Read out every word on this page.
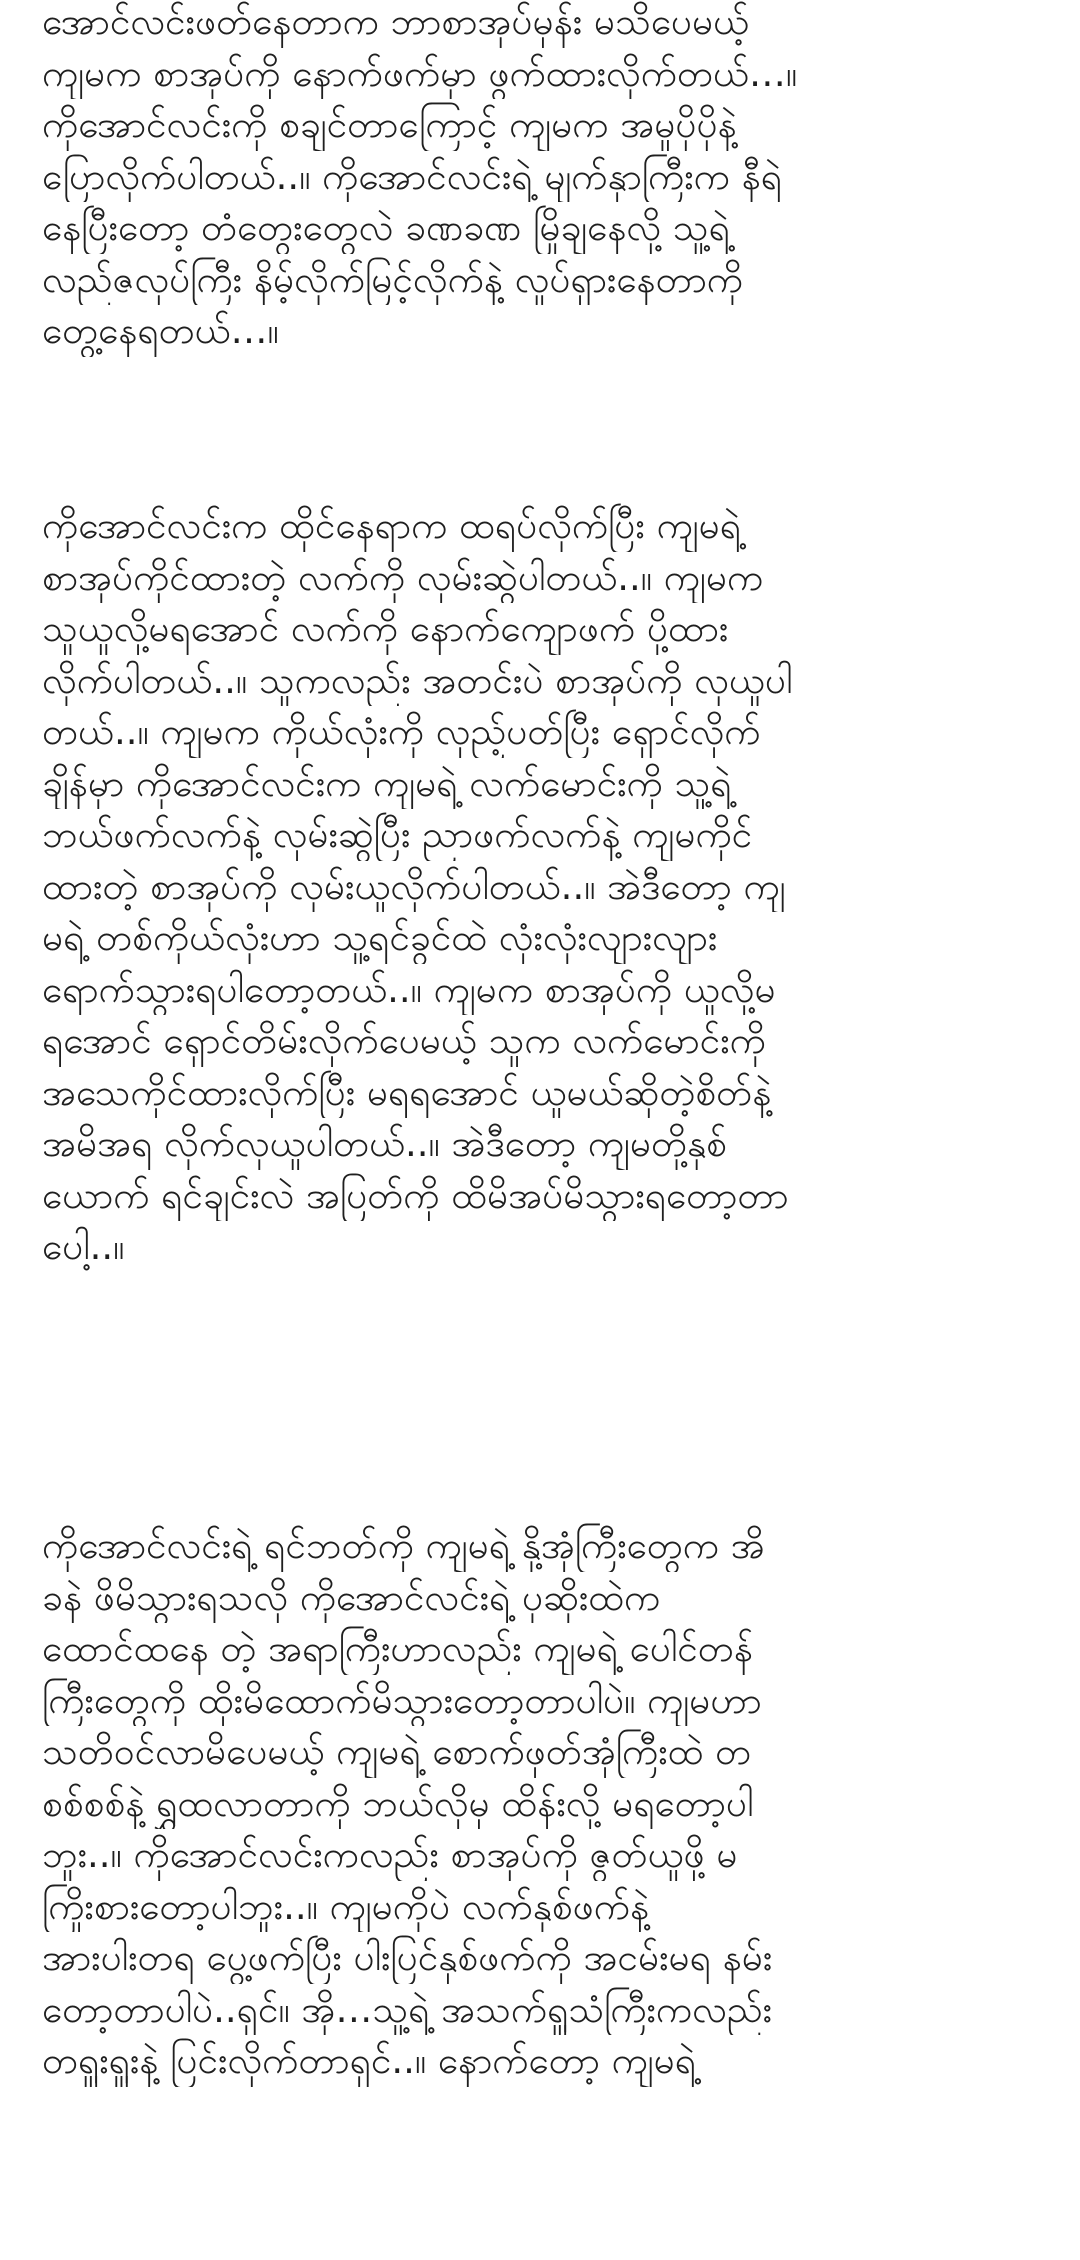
အောင်လင်းဖတ်နေတာက ဘာစာအုပ်မှန်း မသိပေမယ့်
ကျမက စာအုပ်ကို နောက်ဖက်မှာ ဖွက်ထားလိုက်တယ်…။
ကိုအောင်လင်းကို စချင်တာကြောင့် ကျမက အမူပိုပိုနဲ့
ပြောလိုက်ပါတယ်..။ ကိုအောင်လင်းရဲ့ မျက်နှာကြီးက နီရဲ
နေပြီးတော့ တံတွေးတွေလဲ ခဏခဏ မြိုချနေလို့ သူ့ရဲ့
လည်ဇလုပ်ကြီး နိမ့်လိုက်မြင့်လိုက်နဲ့ လှုပ်ရှားနေတာကို
တွေ့နေရတယ်…။

ကိုအောင်လင်းက ထိုင်နေရာက ထရပ်လိုက်ပြီး ကျမရဲ့
စာအုပ်ကိုင်ထားတဲ့ လက်ကို လှမ်းဆွဲပါတယ်..။ ကျမက
သူယူလို့မရအောင် လက်ကို နောက်ကျောဖက် ပို့ထား
လိုက်ပါတယ်..။ သူကလည်း အတင်းပဲ စာအုပ်ကို လုယူပါ
တယ်..။ ကျမက ကိုယ်လုံးကို လှည့်ပတ်ပြီး ရှောင်လိုက်
ချိန်မှာ ကိုအောင်လင်းက ကျမရဲ့ လက်မောင်းကို သူ့ရဲ့
ဘယ်ဖက်လက်နဲ့ လှမ်းဆွဲပြီး ညာဖက်လက်နဲ့ ကျမကိုင်
ထားတဲ့ စာအုပ်ကို လှမ်းယူလိုက်ပါတယ်..။ အဲဒီတော့ ကျ
မရဲ့ တစ်ကိုယ်လုံးဟာ သူ့ရင်ခွင်ထဲ လုံးလုံးလျားလျား
ရောက်သွားရပါတော့တယ်..။ ကျမက စာအုပ်ကို ယူလို့မ
ရအောင် ရှောင်တိမ်းလိုက်ပေမယ့် သူက လက်မောင်းကို
အသေကိုင်ထားလိုက်ပြီး မရရအောင် ယူမယ်ဆိုတဲ့စိတ်နဲ့
အမိအရ လိုက်လုယူပါတယ်..။ အဲဒီတော့ ကျမတို့နှစ်
ယောက် ရင်ချင်းလဲ အပြတ်ကို ထိမိအပ်မိသွားရတော့တာ
ပေါ့..။

ကိုအောင်လင်းရဲ့ ရင်ဘတ်ကို ကျမရဲ့ နို့အုံကြီးတွေက အိ
ခနဲ ဖိမိသွားရသလို ကိုအောင်လင်းရဲ့ ပုဆိုးထဲက
ထောင်ထနေ တဲ့ အရာကြီးဟာလည်း ကျမရဲ့ ပေါင်တန်
ကြီးတွေကို ထိုးမိထောက်မိသွားတော့တာပါပဲ။ ကျမဟာ
သတိဝင်လာမိပေမယ့် ကျမရဲ့ စောက်ဖုတ်အုံကြီးထဲ တ
စစ်စစ်နဲ့ ရွှထလာတာကို ဘယ်လိုမှ ထိန်းလို့ မရတော့ပါ
ဘူး..။ ကိုအောင်လင်းကလည်း စာအုပ်ကို ဇွတ်ယူဖို့ မ
ကြိုးစားတော့ပါဘူး..။ ကျမကိုပဲ လက်နှစ်ဖက်နဲ့
အားပါးတရ ပွေ့ဖက်ပြီး ပါးပြင်နှစ်ဖက်ကို အငမ်းမရ နမ်း
တော့တာပါပဲ..ရှင်။ အို…သူ့ရဲ့ အသက်ရှူသံကြီးကလည်း
တရှူးရှူးနဲ့ ပြင်းလိုက်တာရှင်..။ နောက်တော့ ကျမရဲ့
